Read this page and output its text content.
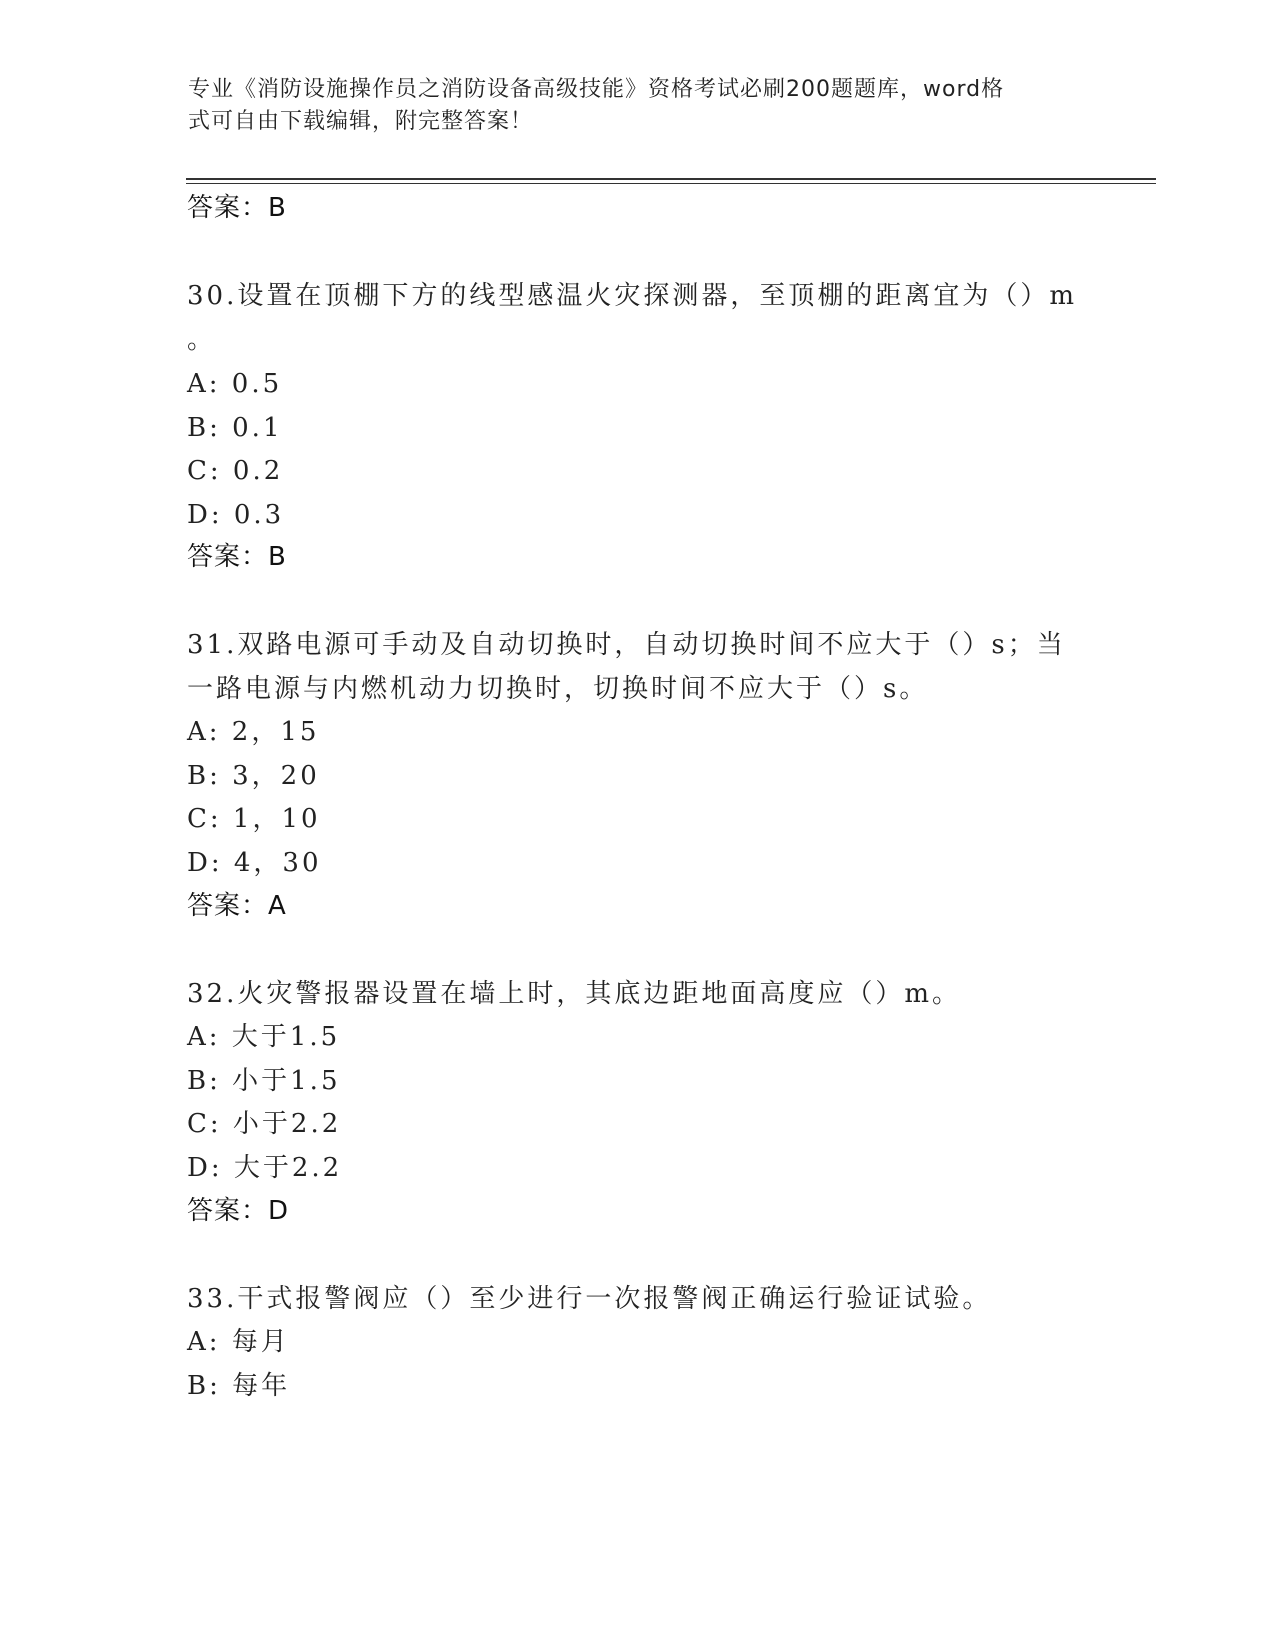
专业《消防设施操作员之消防设备高级技能》资格考试必刷200题题库，word格
式可自由下载编辑，附完整答案！
答案：B
30.设置在顶棚下方的线型感温火灾探测器，至顶棚的距离宜为（）m
。
A: 0.5
B: 0.1
C: 0.2
D: 0.3
答案：B
31.双路电源可手动及自动切换时，自动切换时间不应大于（）s；当
一路电源与内燃机动力切换时，切换时间不应大于（）s。
A: 2，15
B: 3，20
C: 1，10
D: 4，30
答案：A
32.火灾警报器设置在墙上时，其底边距地面高度应（）m。
A: 大于1.5
B: 小于1.5
C: 小于2.2
D: 大于2.2
答案：D
33.干式报警阀应（）至少进行一次报警阀正确运行验证试验。
A: 每月
B: 每年
